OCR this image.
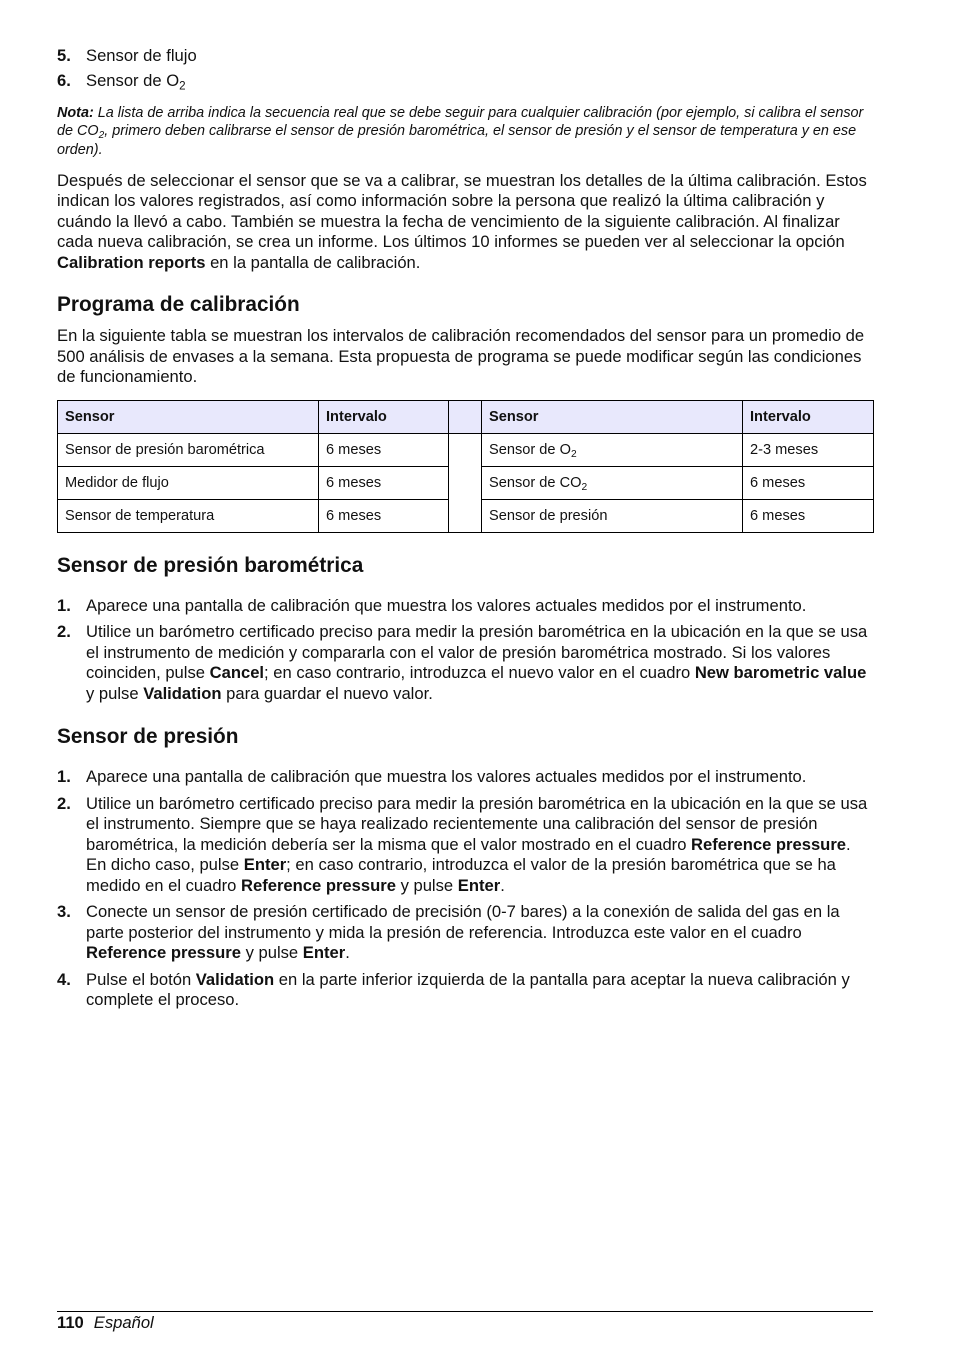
5. Sensor de flujo
6. Sensor de $O_2$
Nota: La lista de arriba indica la secuencia real que se debe seguir para cualquier calibración (por ejemplo, si calibra el sensor de $CO_2$, primero deben calibrarse el sensor de presión barométrica, el sensor de presión y el sensor de temperatura y en ese orden).

Después de seleccionar el sensor que se va a calibrar, se muestran los detalles de la última calibración. Estos indican los valores registrados, así como información sobre la persona que realizó la última calibración y cuándo la llevó a cabo. También se muestra la fecha de vencimiento de la siguiente calibración. Al finalizar cada nueva calibración, se crea un informe. Los últimos 10 informes se pueden ver al seleccionar la opción Calibration reports en la pantalla de calibración.

Programa de calibración

En la siguiente tabla se muestran los intervalos de calibración recomendados del sensor para un promedio de 500 análisis de envases a la semana. Esta propuesta de programa se puede modificar según las condiciones de funcionamiento.

Sensor	Intervalo		Sensor	Intervalo
Sensor de presión barométrica	6 meses		Sensor de $O_2$	2-3 meses
Medidor de flujo	6 meses		Sensor de $CO_2$	6 meses
Sensor de temperatura	6 meses		Sensor de presión	6 meses
Sensor de presión barométrica
1. Aparece una pantalla de calibración que muestra los valores actuales medidos por el instrumento.
2. Utilice un barómetro certificado preciso para medir la presión barométrica en la ubicación en la que se usa el instrumento de medición y compararla con el valor de presión barométrica mostrado. Si los valores coinciden, pulse Cancel; en caso contrario, introduzca el nuevo valor en el cuadro New barometric value y pulse Validation para guardar el nuevo valor.
Sensor de presión
1. Aparece una pantalla de calibración que muestra los valores actuales medidos por el instrumento.
2. Utilice un barómetro certificado preciso para medir la presión barométrica en la ubicación en la que se usa el instrumento. Siempre que se haya realizado recientemente una calibración del sensor de presión barométrica, la medición debería ser la misma que el valor mostrado en el cuadro Reference pressure. En dicho caso, pulse Enter; en caso contrario, introduzca el valor de la presión barométrica que se ha medido en el cuadro Reference pressure y pulse Enter.
3. Conecte un sensor de presión certificado de precisión (0-7 bares) a la conexión de salida del gas en la parte posterior del instrumento y mida la presión de referencia. Introduzca este valor en el cuadro Reference pressure y pulse Enter.
4. Pulse el botón Validation en la parte inferior izquierda de la pantalla para aceptar la nueva calibración y complete el proceso.
110 Español
